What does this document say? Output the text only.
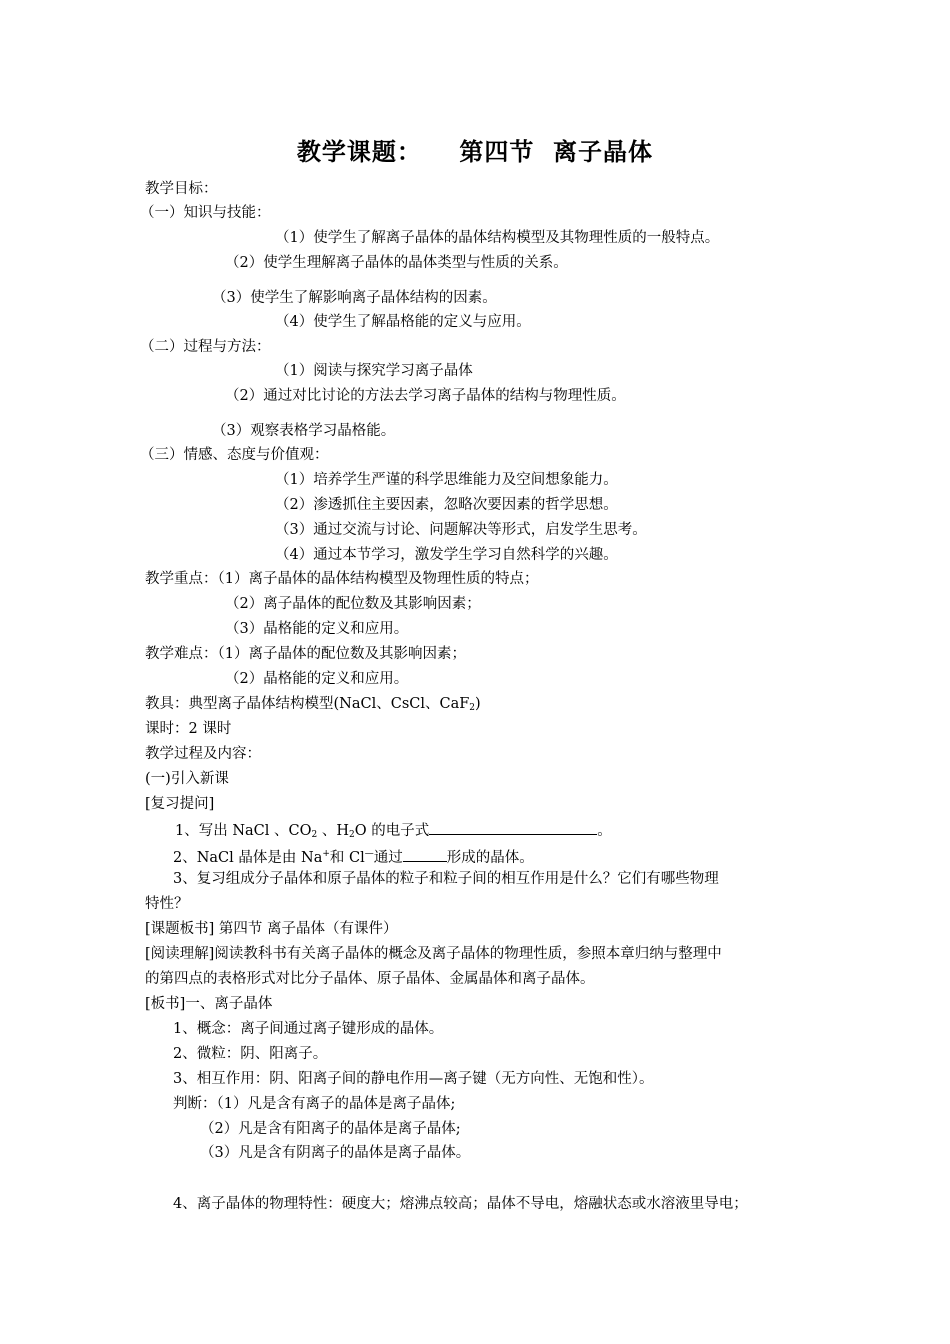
教学课题：    第四节  离子晶体
教学目标：
（一）知识与技能：
（1）使学生了解离子晶体的晶体结构模型及其物理性质的一般特点。
（2）使学生理解离子晶体的晶体类型与性质的关系。
（3）使学生了解影响离子晶体结构的因素。
（4）使学生了解晶格能的定义与应用。
（二）过程与方法：
（1）阅读与探究学习离子晶体
（2）通过对比讨论的方法去学习离子晶体的结构与物理性质。
（3）观察表格学习晶格能。
（三）情感、态度与价值观：
（1）培养学生严谨的科学思维能力及空间想象能力。
（2）渗透抓住主要因素，忽略次要因素的哲学思想。
（3）通过交流与讨论、问题解决等形式，启发学生思考。
（4）通过本节学习，激发学生学习自然科学的兴趣。
教学重点：（1）离子晶体的晶体结构模型及物理性质的特点；
（2）离子晶体的配位数及其影响因素；
（3）晶格能的定义和应用。
教学难点：（1）离子晶体的配位数及其影响因素；
（2）晶格能的定义和应用。
教具：典型离子晶体结构模型(NaCl、CsCl、CaF$_2$)
课时：2 课时
教学过程及内容：
(一)引入新课
[复习提问]
1、写出 NaCl 、$CO_2$ 、$H_2O$ 的电子式	。
2、NaCl 晶体是由 Na+和 Cl—通过	形成的晶体。
3、复习组成分子晶体和原子晶体的粒子和粒子间的相互作用是什么？它们有哪些物理
特性？
[课题板书] 第四节 离子晶体（有课件）
[阅读理解]阅读教科书有关离子晶体的概念及离子晶体的物理性质，参照本章归纳与整理中
的第四点的表格形式对比分子晶体、原子晶体、金属晶体和离子晶体。
[板书]一、离子晶体
1、概念：离子间通过离子键形成的晶体。
2、微粒：阴、阳离子。
3、相互作用：阴、阳离子间的静电作用—离子键（无方向性、无饱和性）。
判断：（1）凡是含有离子的晶体是离子晶体;
（2）凡是含有阳离子的晶体是离子晶体;
（3）凡是含有阴离子的晶体是离子晶体。
4、离子晶体的物理特性：硬度大；熔沸点较高；晶体不导电，熔融状态或水溶液里导电；
